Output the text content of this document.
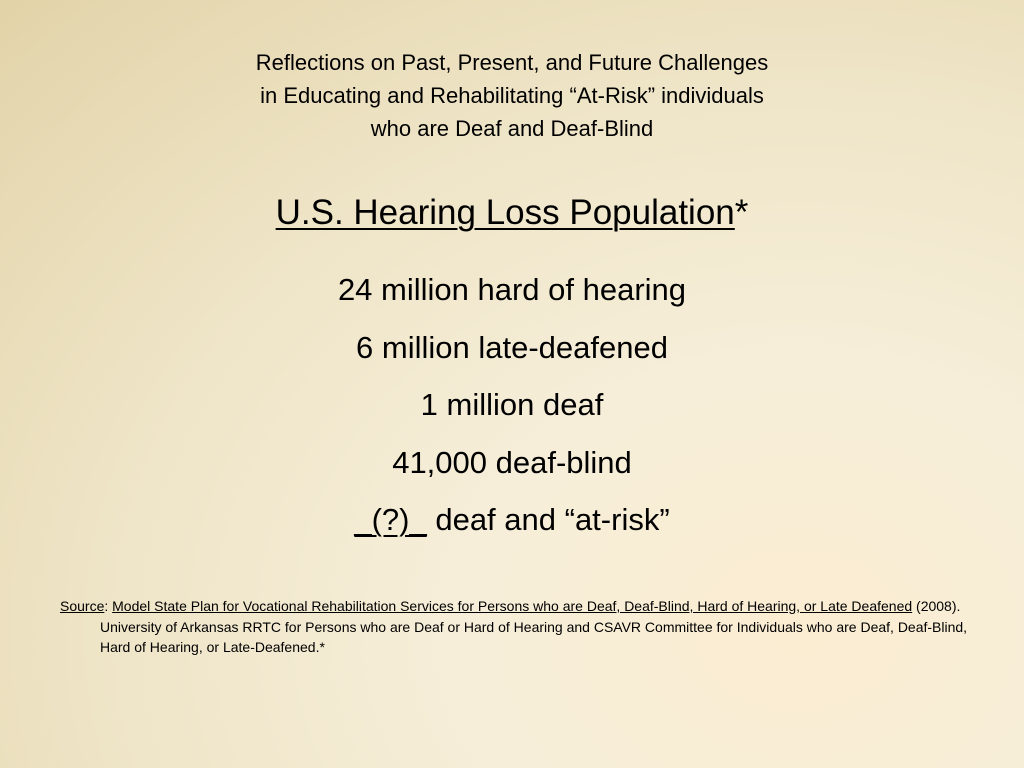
Reflections on Past, Present, and Future Challenges
in Educating and Rehabilitating “At-Risk” individuals
who are Deaf and Deaf-Blind
U.S. Hearing Loss Population*
24 million hard of hearing
6 million late-deafened
1 million deaf
41,000 deaf-blind
_(?)_ deaf and “at-risk”
Source: Model State Plan for Vocational Rehabilitation Services for Persons who are Deaf, Deaf-Blind, Hard of Hearing, or Late Deafened (2008). University of Arkansas RRTC for Persons who are Deaf or Hard of Hearing and CSAVR Committee for Individuals who are Deaf, Deaf-Blind, Hard of Hearing, or Late-Deafened.*
